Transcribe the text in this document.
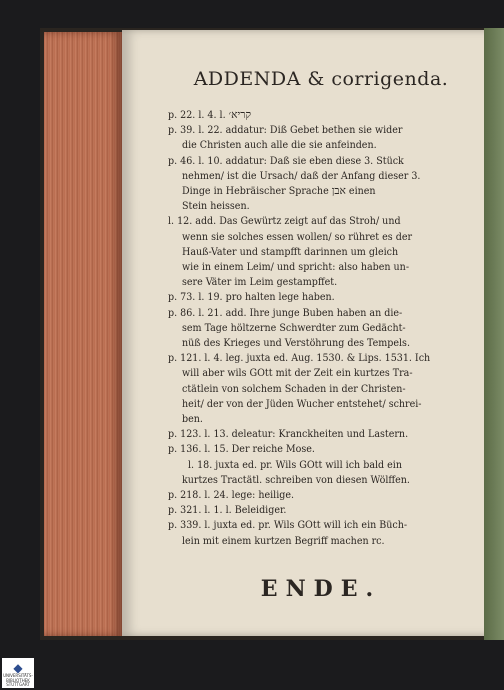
ADDENDA & corrigenda.
p. 22. l. 4. l. קריא׳
p. 39. l. 22. addatur: Diß Gebet bethen sie wider
die Christen auch alle die sie anfeinden.
p. 46. l. 10. addatur: Daß sie eben diese 3. Stück
nehmen/ ist die Ursach/ daß der Anfang dieser 3.
Dinge in Hebräischer Sprache אבן einen
Stein heissen.
l. 12. add. Das Gewürtz zeigt auf das Stroh/ und
wenn sie solches essen wollen/ so rühret es der
Hauß-Vater und stampfft darinnen um gleich
wie in einem Leim/ und spricht: also haben un-
sere Väter im Leim gestampffet.
p. 73. l. 19. pro halten lege haben.
p. 86. l. 21. add. Ihre junge Buben haben an die-
sem Tage höltzerne Schwerdter zum Gedächt-
nüß des Krieges und Verstöhrung des Tempels.
p. 121. l. 4. leg. juxta ed. Aug. 1530. & Lips. 1531. Ich
will aber wils GOtt mit der Zeit ein kurtzes Tra-
ctätlein von solchem Schaden in der Christen-
heit/ der von der Jüden Wucher entstehet/ schrei-
ben.
p. 123. l. 13. deleatur: Kranckheiten und Lastern.
p. 136. l. 15. Der reiche Mose.
l. 18. juxta ed. pr. Wils GOtt will ich bald ein
kurtzes Tractätl. schreiben von diesen Wölffen.
p. 218. l. 24. lege: heilige.
p. 321. l. 1. l. Beleidiger.
p. 339. l. juxta ed. pr. Wils GOtt will ich ein Büch-
lein mit einem kurtzen Begriff machen rc.
ENDE.
◆
UNIVERSITÄTS-
BIBLIOTHEK
STUTTGART
